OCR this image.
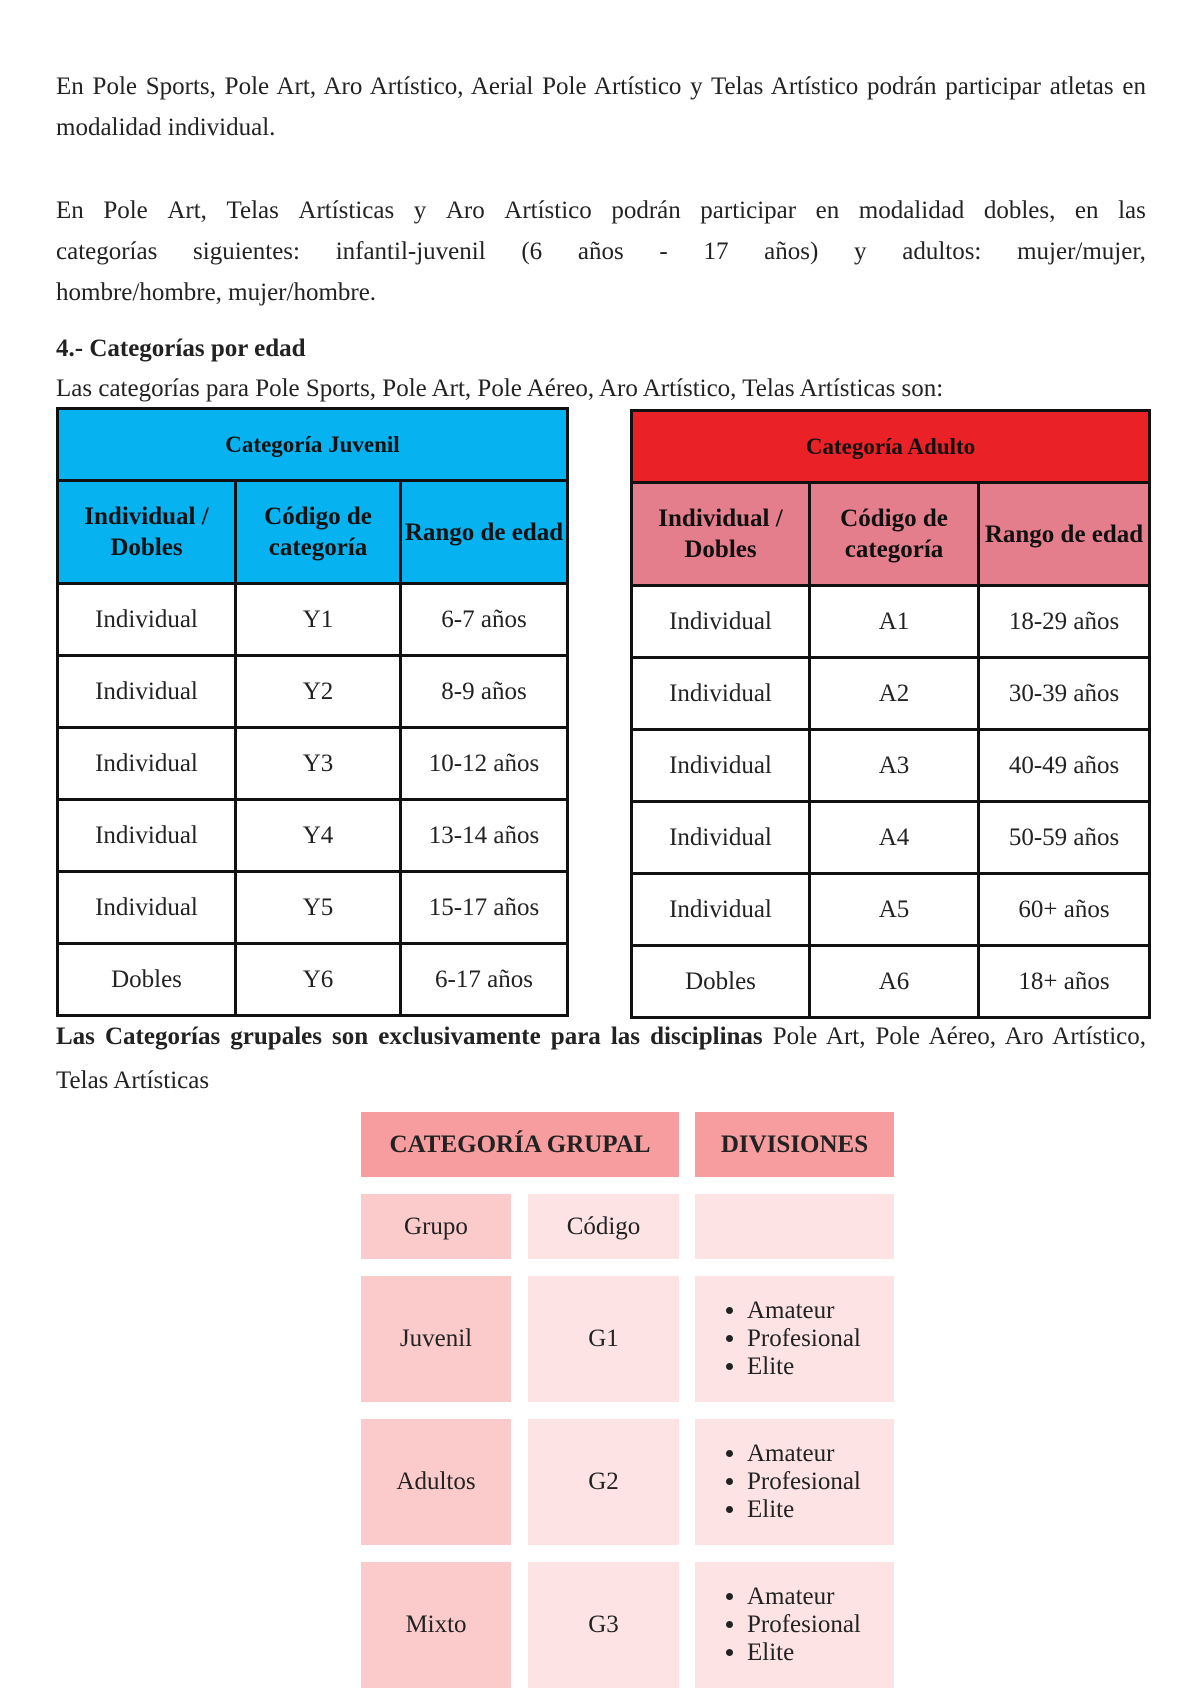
En Pole Sports, Pole Art, Aro Artístico, Aerial Pole Artístico y Telas Artístico podrán participar atletas en modalidad individual.

En Pole Art, Telas Artísticas y Aro Artístico podrán participar en modalidad dobles, en las
categorías siguientes: infantil-juvenil (6 años - 17 años) y adultos: mujer/mujer,
hombre/hombre, mujer/hombre.
4.- Categorías por edad
Las categorías para Pole Sports, Pole Art, Pole Aéreo, Aro Artístico, Telas Artísticas son:
Categoría Juvenil		
Individual / Dobles	Código de categoría	Rango de edad
Individual	Y1	6-7 años
Individual	Y2	8-9 años
Individual	Y3	10-12 años
Individual	Y4	13-14 años
Individual	Y5	15-17 años
Dobles	Y6	6-17 años
Categoría Adulto		
Individual / Dobles	Código de categoría	Rango de edad
Individual	A1	18-29 años
Individual	A2	30-39 años
Individual	A3	40-49 años
Individual	A4	50-59 años
Individual	A5	60+ años
Dobles	A6	18+ años

Las Categorías grupales son exclusivamente para las disciplinas Pole Art, Pole Aéreo, Aro Artístico, Telas Artísticas

CATEGORÍA GRUPAL	DIVISIONES
Grupo	Código
Juvenil	G1
• Amateur
• Profesional
• Elite
Adultos	G2
• Amateur
• Profesional
• Elite
Mixto	G3
• Amateur
• Profesional
• Elite
